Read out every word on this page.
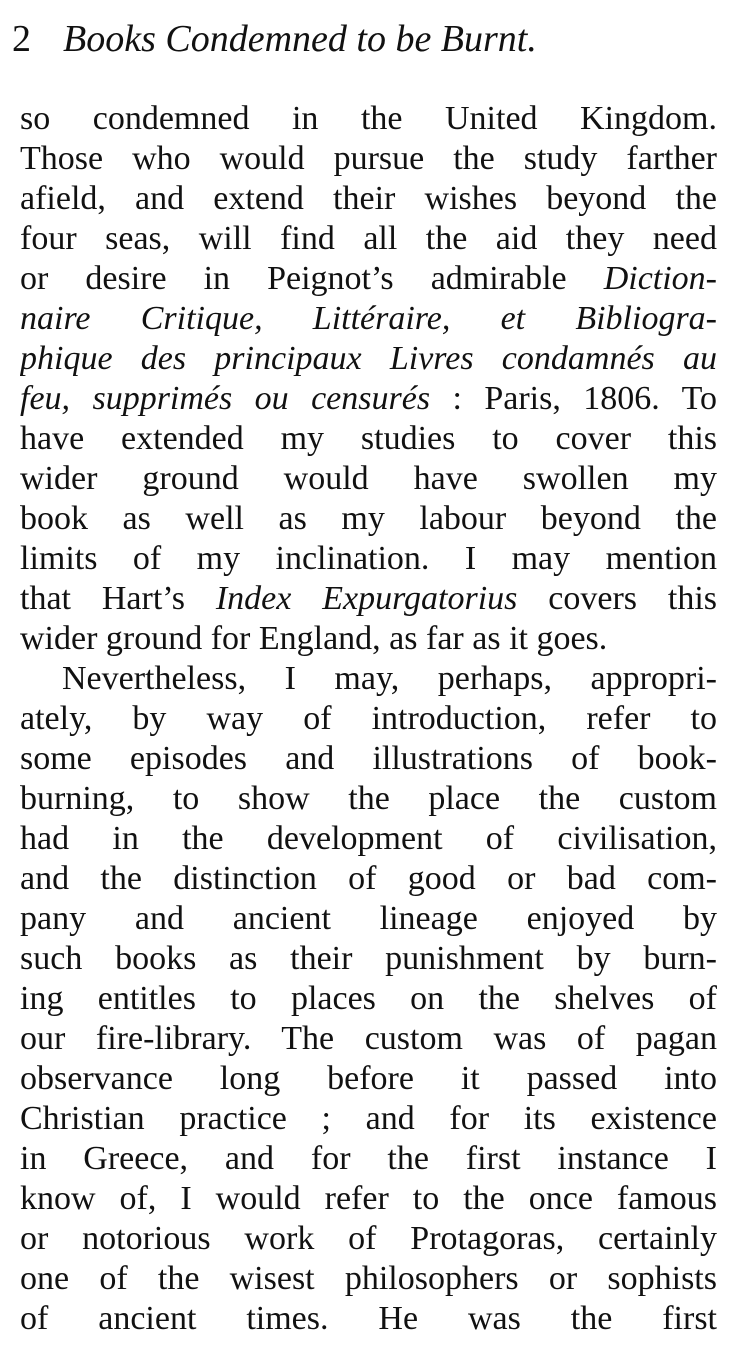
2 Books Condemned to be Burnt.
so condemned in the United Kingdom.
Those who would pursue the study farther
afield, and extend their wishes beyond the
four seas, will find all the aid they need
or desire in Peignot’s admirable Diction-
naire Critique, Littéraire, et Bibliogra-
phique des principaux Livres condamnés au
feu, supprimés ou censurés : Paris, 1806. To
have extended my studies to cover this
wider ground would have swollen my
book as well as my labour beyond the
limits of my inclination. I may mention
that Hart’s Index Expurgatorius covers this
wider ground for England, as far as it goes.
Nevertheless, I may, perhaps, appropri-
ately, by way of introduction, refer to
some episodes and illustrations of book-
burning, to show the place the custom
had in the development of civilisation,
and the distinction of good or bad com-
pany and ancient lineage enjoyed by
such books as their punishment by burn-
ing entitles to places on the shelves of
our fire-library. The custom was of pagan
observance long before it passed into
Christian practice ; and for its existence
in Greece, and for the first instance I
know of, I would refer to the once famous
or notorious work of Protagoras, certainly
one of the wisest philosophers or sophists
of ancient times. He was the first
